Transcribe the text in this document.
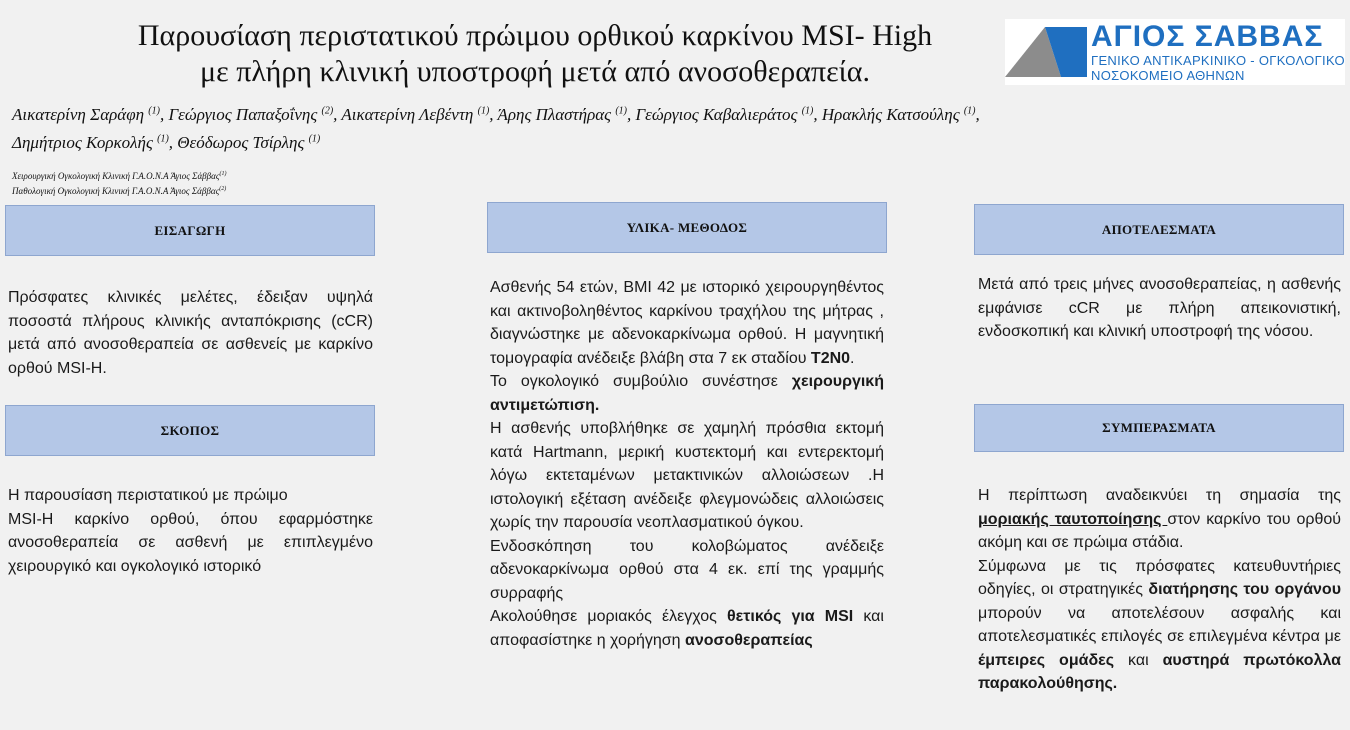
Παρουσίαση περιστατικού πρώιμου ορθικού καρκίνου MSI- High
με πλήρη κλινική υποστροφή μετά από ανοσοθεραπεία.
ΑΓΙΟΣ ΣΑΒΒΑΣ
ΓΕΝΙΚΟ ΑΝΤΙΚΑΡΚΙΝΙΚΟ - ΟΓΚΟΛΟΓΙΚΟ
ΝΟΣΟΚΟΜΕΙΟ ΑΘΗΝΩΝ
Αικατερίνη Σαράφη $^{(1)}$, Γεώργιος Παπαξοΐνης $^{(2)}$, Αικατερίνη Λεβέντη $^{(1)}$, Άρης Πλαστήρας $^{(1)}$, Γεώργιος Καβαλιεράτος $^{(1)}$, Ηρακλής Κατσούλης $^{(1)}$,
Δημήτριος Κορκολής $^{(1)}$, Θεόδωρος Τσίρλης $^{(1)}$
Χειρουργική Ογκολογική Κλινική Γ.Α.Ο.Ν.Α Άγιος Σάββας$^{(1)}$
Παθολογική Ογκολογική Κλινική Γ.Α.Ο.Ν.Α Άγιος Σάββας$^{(2)}$
ΕΙΣΑΓΩΓΗ

Πρόσφατες κλινικές μελέτες, έδειξαν υψηλά ποσοστά πλήρους κλινικής ανταπόκρισης (cCR) μετά από ανοσοθεραπεία σε ασθενείς με καρκίνο ορθού MSI-H.

ΣΚΟΠΟΣ

Η παρουσίαση περιστατικού με πρώιμο

MSI-H καρκίνο ορθού, όπου εφαρμόστηκε ανοσοθεραπεία σε ασθενή με επιπλεγμένο χειρουργικό και ογκολογικό ιστορικό

ΥΛΙΚΑ- ΜΕΘΟΔΟΣ

Ασθενής 54 ετών, BMI 42 με ιστορικό χειρουργηθέντος και ακτινοβοληθέντος καρκίνου τραχήλου της μήτρας , διαγνώστηκε με αδενοκαρκίνωμα ορθού. Η μαγνητική τομογραφία ανέδειξε βλάβη στα 7 εκ σταδίου T2N0.

Το ογκολογικό συμβούλιο συνέστησε χειρουργική αντιμετώπιση.

Η ασθενής υποβλήθηκε σε χαμηλή πρόσθια εκτομή κατά Hartmann, μερική κυστεκτομή και εντερεκτομή λόγω εκτεταμένων μετακτινικών αλλοιώσεων .Η ιστολογική εξέταση ανέδειξε φλεγμονώδεις αλλοιώσεις χωρίς την παρουσία νεοπλασματικού όγκου.

Ενδοσκόπηση του κολοβώματος ανέδειξε αδενοκαρκίνωμα ορθού στα 4 εκ. επί της γραμμής συρραφής

Ακολούθησε μοριακός έλεγχος θετικός για MSI και αποφασίστηκε η χορήγηση ανοσοθεραπείας

ΑΠΟΤΕΛΕΣΜΑΤΑ

Μετά από τρεις μήνες ανοσοθεραπείας, η ασθενής εμφάνισε cCR με πλήρη απεικονιστική, ενδοσκοπική και κλινική υποστροφή της νόσου.

ΣΥΜΠΕΡΑΣΜΑΤΑ

Η περίπτωση αναδεικνύει τη σημασία της μοριακής ταυτοποίησης στον καρκίνο του ορθού ακόμη και σε πρώιμα στάδια.

Σύμφωνα με τις πρόσφατες κατευθυντήριες οδηγίες, οι στρατηγικές διατήρησης του οργάνου μπορούν να αποτελέσουν ασφαλής και αποτελεσματικές επιλογές σε επιλεγμένα κέντρα με έμπειρες ομάδες και αυστηρά πρωτόκολλα παρακολούθησης.
